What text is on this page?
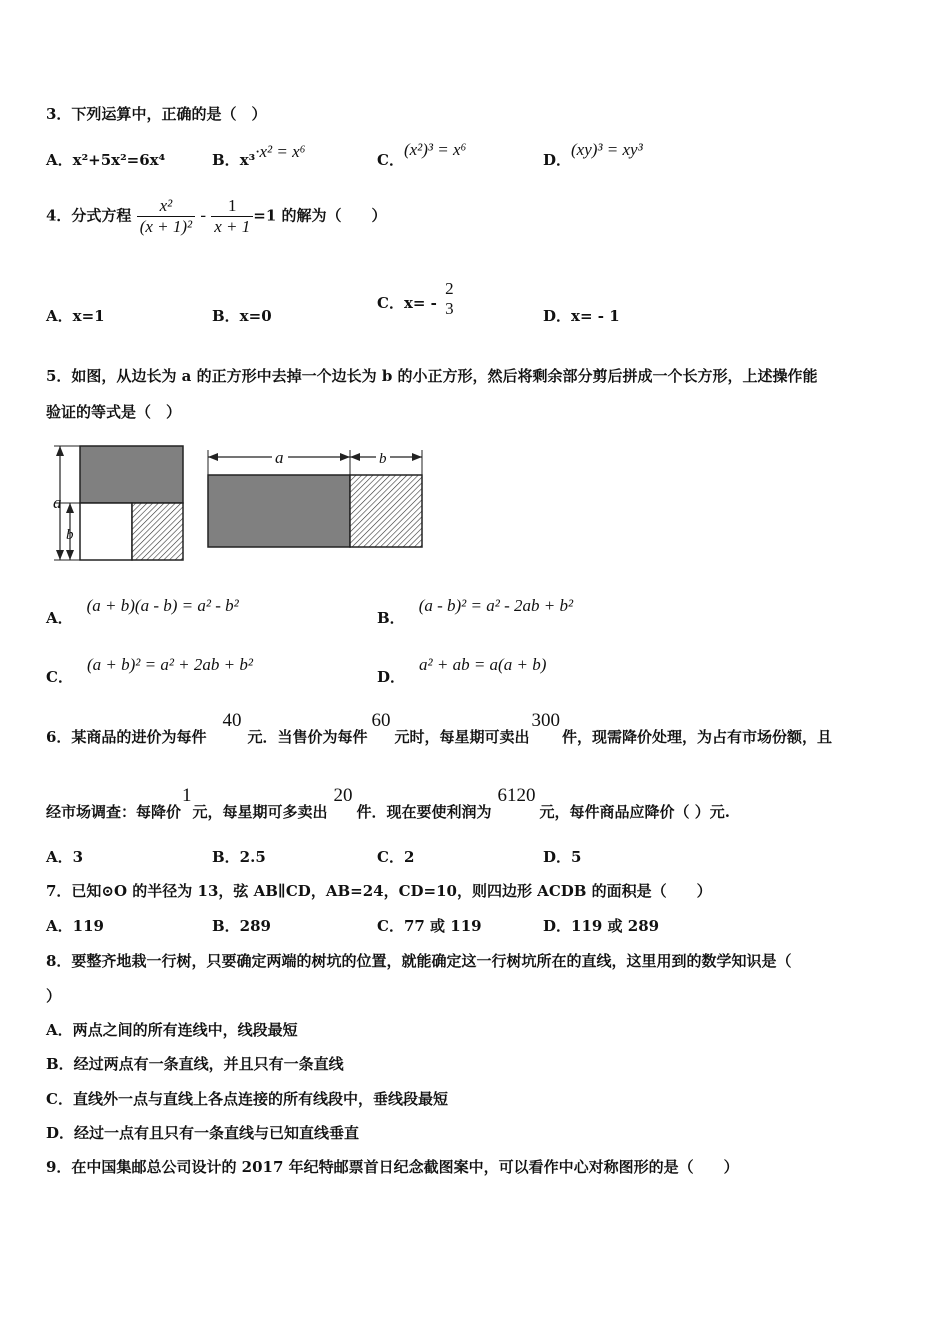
3．下列运算中，正确的是（　）
A．x²+5x²=6x⁴	B．x³·x² = x⁶	C．(x²)³ = x⁶
D．(xy)³ = xy³
4．分式方程 $\frac{\text{x²}}{\text{(x + 1)²}} - \frac{1}{x + 1} =1$ 的解为（　　）
A．x=1	B．x=0
C．x= -
2
3	D．x= - 1
5．如图，从边长为 a 的正方形中去掉一个边长为 b 的小正方形，然后将剩余部分剪后拼成一个长方形，上述操作能
验证的等式是（　）
a
b
a	b
A．(a + b)(a - b) = a² - b²
B．(a - b)² = a² - 2ab + b²
C．(a + b)² = a² + 2ab + b²
D．a² + ab = a(a + b)
6．某商品的进价为每件40元．当售价为每件60元时，每星期可卖出300件，现需降价处理，为占有市场份额，且
经市场调查：每降价1元，每星期可多卖出20件．现在要使利润为6120元，每件商品应降价（ ）元.
A．3	B．2.5	C．2	D．5
7．已知⊙O 的半径为 13，弦 AB∥CD，AB=24，CD=10，则四边形 ACDB 的面积是（　　）
A．119	B．289	C．77 或 119	D．119 或 289
8．要整齐地栽一行树，只要确定两端的树坑的位置，就能确定这一行树坑所在的直线，这里用到的数学知识是（
）
A．两点之间的所有连线中，线段最短
B．经过两点有一条直线，并且只有一条直线
C．直线外一点与直线上各点连接的所有线段中，垂线段最短
D．经过一点有且只有一条直线与已知直线垂直
9．在中国集邮总公司设计的 2017 年纪特邮票首日纪念截图案中，可以看作中心对称图形的是（　　）
